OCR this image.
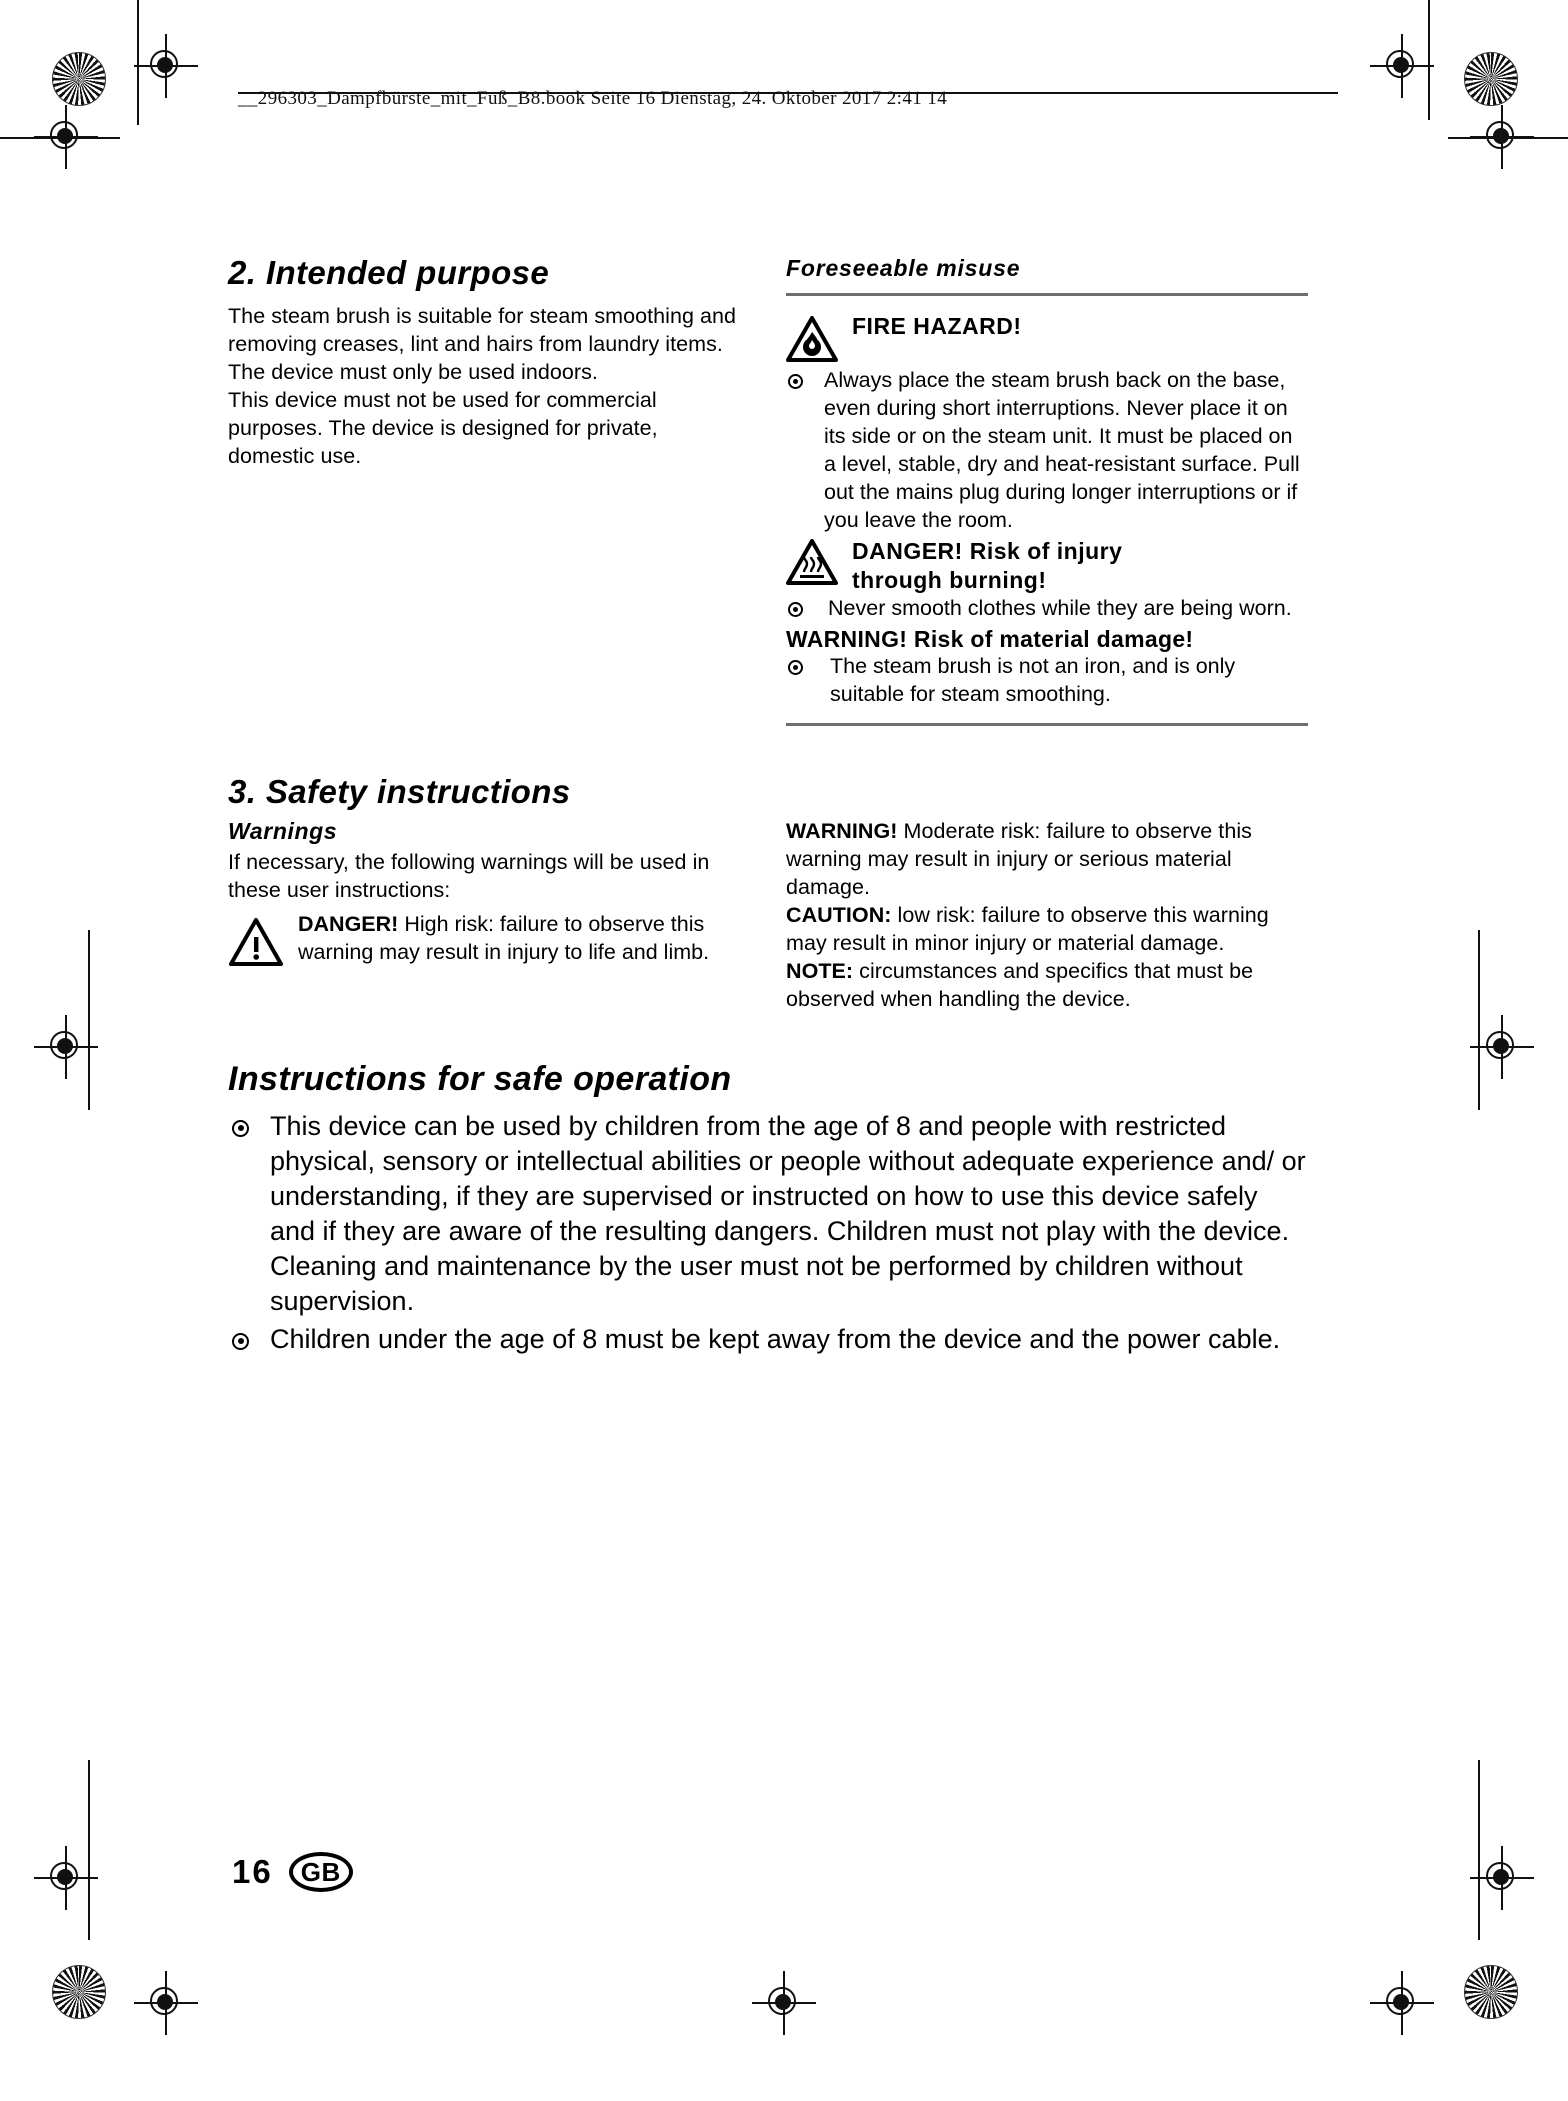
__296303_Dampfbürste_mit_Fuß_B8.book Seite 16 Dienstag, 24. Oktober 2017 2:41 14
2. Intended purpose

The steam brush is suitable for steam smoothing and removing creases, lint and hairs from laundry items.

The device must only be used indoors.

This device must not be used for commercial purposes. The device is designed for private, domestic use.

Foreseeable misuse
FIRE HAZARD!
Always place the steam brush back on the base, even during short interruptions. Never place it on its side or on the steam unit. It must be placed on a level, stable, dry and heat-resistant surface. Pull out the mains plug during longer interruptions or if you leave the room.
DANGER! Risk of injury
through burning!
Never smooth clothes while they are being worn.
WARNING! Risk of material damage!
The steam brush is not an iron, and is only suitable for steam smoothing.
3. Safety instructions
Warnings

If necessary, the following warnings will be used in these user instructions:

DANGER! High risk: failure to observe this warning may result in injury to life and limb.

WARNING! Moderate risk: failure to observe this warning may result in injury or serious material damage.

CAUTION: low risk: failure to observe this warning may result in minor injury or material damage.

NOTE: circumstances and specifics that must be observed when handling the device.

Instructions for safe operation
This device can be used by children from the age of 8 and people with restricted physical, sensory or intellectual abilities or people without adequate experience and/ or understanding, if they are supervised or instructed on how to use this device safely and if they are aware of the resulting dangers. Children must not play with the device. Cleaning and maintenance by the user must not be performed by children without supervision.
Children under the age of 8 must be kept away from the device and the power cable.
16	GB
